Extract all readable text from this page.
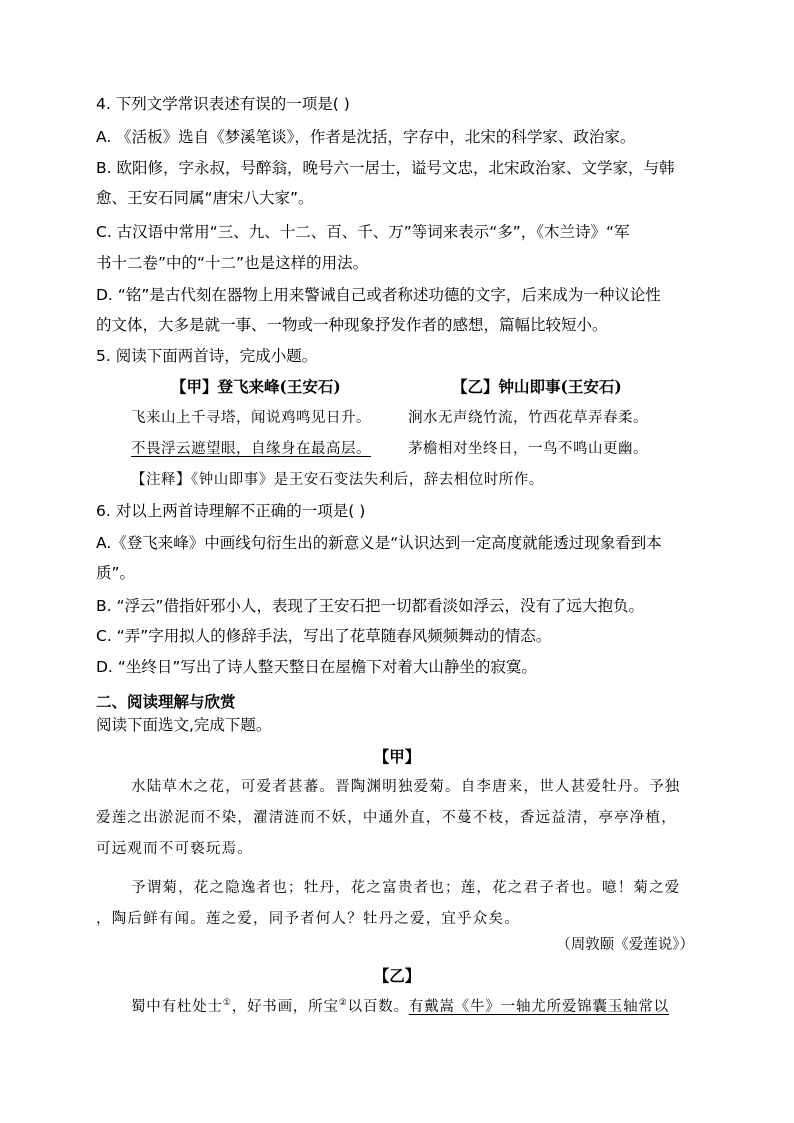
4. 下列文学常识表述有误的一项是( )
A. 《活板》选自《梦溪笔谈》，作者是沈括，字存中，北宋的科学家、政治家。
B. 欧阳修，字永叔，号醉翁，晚号六一居士，谥号文忠，北宋政治家、文学家，与韩
愈、王安石同属“唐宋八大家”。
C. 古汉语中常用“三、九、十二、百、千、万”等词来表示“多”，《木兰诗》“军
书十二卷”中的“十二”也是这样的用法。
D. “铭”是古代刻在器物上用来警诫自己或者称述功德的文字，后来成为一种议论性
的文体，大多是就一事、一物或一种现象抒发作者的感想，篇幅比较短小。
5. 阅读下面两首诗，完成小题。
【甲】登飞来峰(王安石)	【乙】钟山即事(王安石)
飞来山上千寻塔，闻说鸡鸣见日升。	涧水无声绕竹流，竹西花草弄春柔。
不畏浮云遮望眼，自缘身在最高层。	茅檐相对坐终日，一鸟不鸣山更幽。
【注释】《钟山即事》是王安石变法失利后，辞去相位时所作。
6. 对以上两首诗理解不正确的一项是( )
A.《登飞来峰》中画线句衍生出的新意义是“认识达到一定高度就能透过现象看到本
质”。
B. “浮云”借指奸邪小人，表现了王安石把一切都看淡如浮云，没有了远大抱负。
C. “弄”字用拟人的修辞手法，写出了花草随春风频频舞动的情态。
D. “坐终日”写出了诗人整天整日在屋檐下对着大山静坐的寂寞。
二、阅读理解与欣赏
阅读下面选文,完成下题。
【甲】
水陆草木之花，可爱者甚蕃。晋陶渊明独爱菊。自李唐来，世人甚爱牡丹。予独
爱莲之出淤泥而不染，濯清涟而不妖，中通外直，不蔓不枝，香远益清，亭亭净植，
可远观而不可亵玩焉。
予谓菊，花之隐逸者也；牡丹，花之富贵者也；莲，花之君子者也。噫！菊之爱
，陶后鲜有闻。莲之爱，同予者何人？牡丹之爱，宜乎众矣。
（周敦颐《爱莲说》）
【乙】
蜀中有杜处士①，好书画，所宝②以百数。有戴嵩《牛》一轴尤所爱锦囊玉轴常以
